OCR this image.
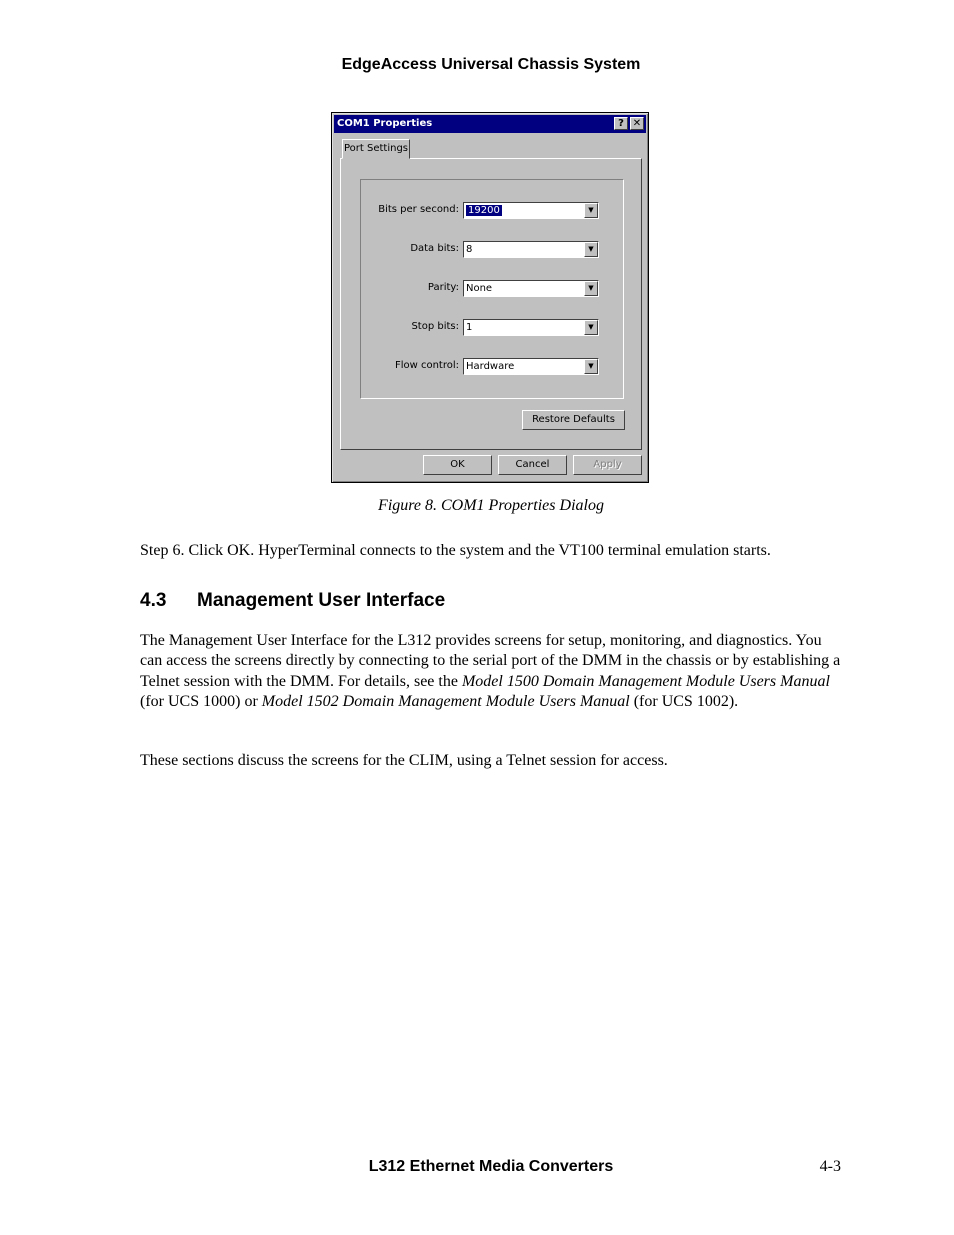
EdgeAccess Universal Chassis System
COM1 Properties	? ✕
Port Settings
Bits per second: 19200	▼
Data bits: 8	▼
Parity: None	▼
Stop bits: 1	▼
Flow control: Hardware	▼
Restore Defaults
OK	Cancel	Apply
Figure 8. COM1 Properties Dialog
Step 6. Click OK. HyperTerminal connects to the system and the VT100 terminal emulation starts.
4.3 Management User Interface
The Management User Interface for the L312 provides screens for setup, monitoring, and diagnostics. You can access the screens directly by connecting to the serial port of the DMM in the chassis or by establishing a Telnet session with the DMM. For details, see the Model 1500 Domain Management Module Users Manual (for UCS 1000) or Model 1502 Domain Management Module Users Manual (for UCS 1002).
These sections discuss the screens for the CLIM, using a Telnet session for access.
L312 Ethernet Media Converters	4-3
